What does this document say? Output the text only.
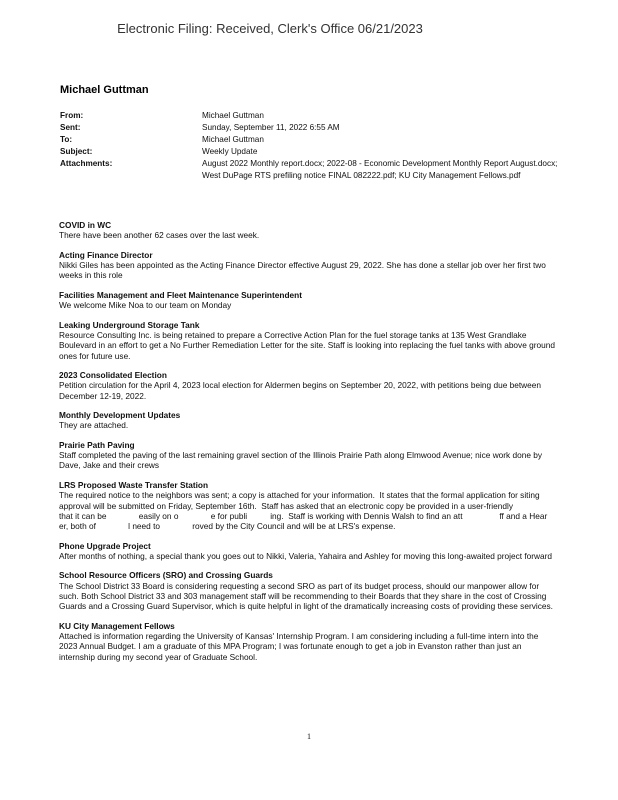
Electronic Filing: Received, Clerk's Office 06/21/2023
Michael Guttman
From:	Michael Guttman
Sent:	Sunday, September 11, 2022 6:55 AM
To:	Michael Guttman
Subject:	Weekly Update
Attachments:	August 2022 Monthly report.docx; 2022-08 - Economic Development Monthly Report August.docx; West DuPage RTS prefiling notice FINAL 082222.pdf; KU City Management Fellows.pdf
COVID in WC
There have been another 62 cases over the last week.
Acting Finance Director
Nikki Giles has been appointed as the Acting Finance Director effective August 29, 2022. She has done a stellar job over her first two weeks in this role
Facilities Management and Fleet Maintenance Superintendent
We welcome Mike Noa to our team on Monday
Leaking Underground Storage Tank
Resource Consulting Inc. is being retained to prepare a Corrective Action Plan for the fuel storage tanks at 135 West Grandlake Boulevard in an effort to get a No Further Remediation Letter for the site. Staff is looking into replacing the fuel tanks with above ground ones for future use.
2023 Consolidated Election
Petition circulation for the April 4, 2023 local election for Aldermen begins on September 20, 2022, with petitions being due between December 12-19, 2022.
Monthly Development Updates
They are attached.
Prairie Path Paving
Staff completed the paving of the last remaining gravel section of the Illinois Prairie Path along Elmwood Avenue; nice work done by Dave, Jake and their crews
LRS Proposed Waste Transfer Station
The required notice to the neighbors was sent; a copy is attached for your information.  It states that the formal application for siting approval will be submitted on Friday, September 16th.  Staff has asked that an electronic copy be provided in a user-friendly                    that it can be              easily on o              e for publi          ing.  Staff is working with Dennis Walsh to find an att                ff and a Hear              er, both of              l need to              roved by the City Council and will be at LRS's expense.
Phone Upgrade Project
After months of nothing, a special thank you goes out to Nikki, Valeria, Yahaira and Ashley for moving this long-awaited project forward
School Resource Officers (SRO) and Crossing Guards
The School District 33 Board is considering requesting a second SRO as part of its budget process, should our manpower allow for such. Both School District 33 and 303 management staff will be recommending to their Boards that they share in the cost of Crossing Guards and a Crossing Guard Supervisor, which is quite helpful in light of the dramatically increasing costs of providing these services.
KU City Management Fellows
Attached is information regarding the University of Kansas' Internship Program. I am considering including a full-time intern into the 2023 Annual Budget. I am a graduate of this MPA Program; I was fortunate enough to get a job in Evanston rather than just an internship during my second year of Graduate School.
1
